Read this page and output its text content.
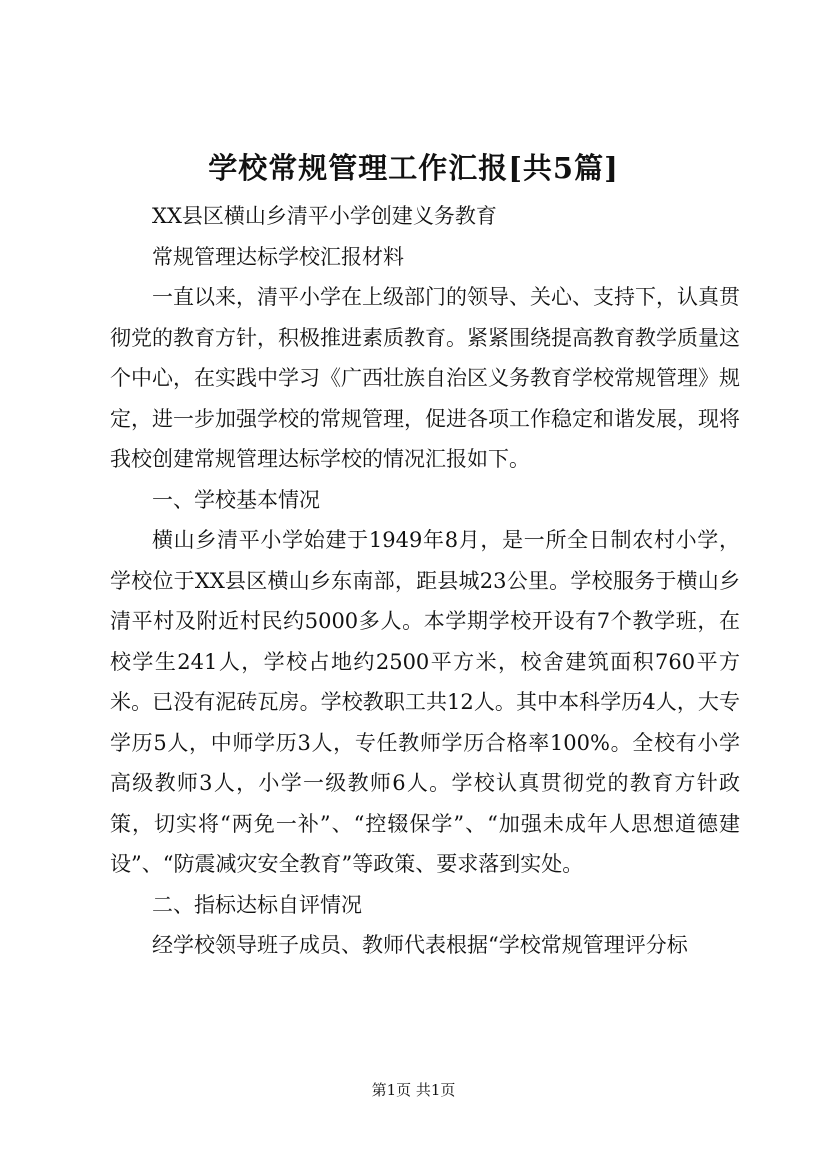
学校常规管理工作汇报[共5篇]

XX县区横山乡清平小学创建义务教育

常规管理达标学校汇报材料

一直以来，清平小学在上级部门的领导、关心、支持下，认真贯彻党的教育方针，积极推进素质教育。紧紧围绕提高教育教学质量这个中心，在实践中学习《广西壮族自治区义务教育学校常规管理》规定，进一步加强学校的常规管理，促进各项工作稳定和谐发展，现将我校创建常规管理达标学校的情况汇报如下。

一、学校基本情况

横山乡清平小学始建于1949年8月，是一所全日制农村小学，学校位于XX县区横山乡东南部，距县城23公里。学校服务于横山乡清平村及附近村民约5000多人。本学期学校开设有7个教学班，在校学生241人，学校占地约2500平方米，校舍建筑面积760平方米。已没有泥砖瓦房。学校教职工共12人。其中本科学历4人，大专学历5人，中师学历3人，专任教师学历合格率100%。全校有小学高级教师3人，小学一级教师6人。学校认真贯彻党的教育方针政策，切实将“两免一补”、“控辍保学”、“加强未成年人思想道德建设”、“防震减灾安全教育”等政策、要求落到实处。

二、指标达标自评情况

经学校领导班子成员、教师代表根据“学校常规管理评分标

第1页 共1页
